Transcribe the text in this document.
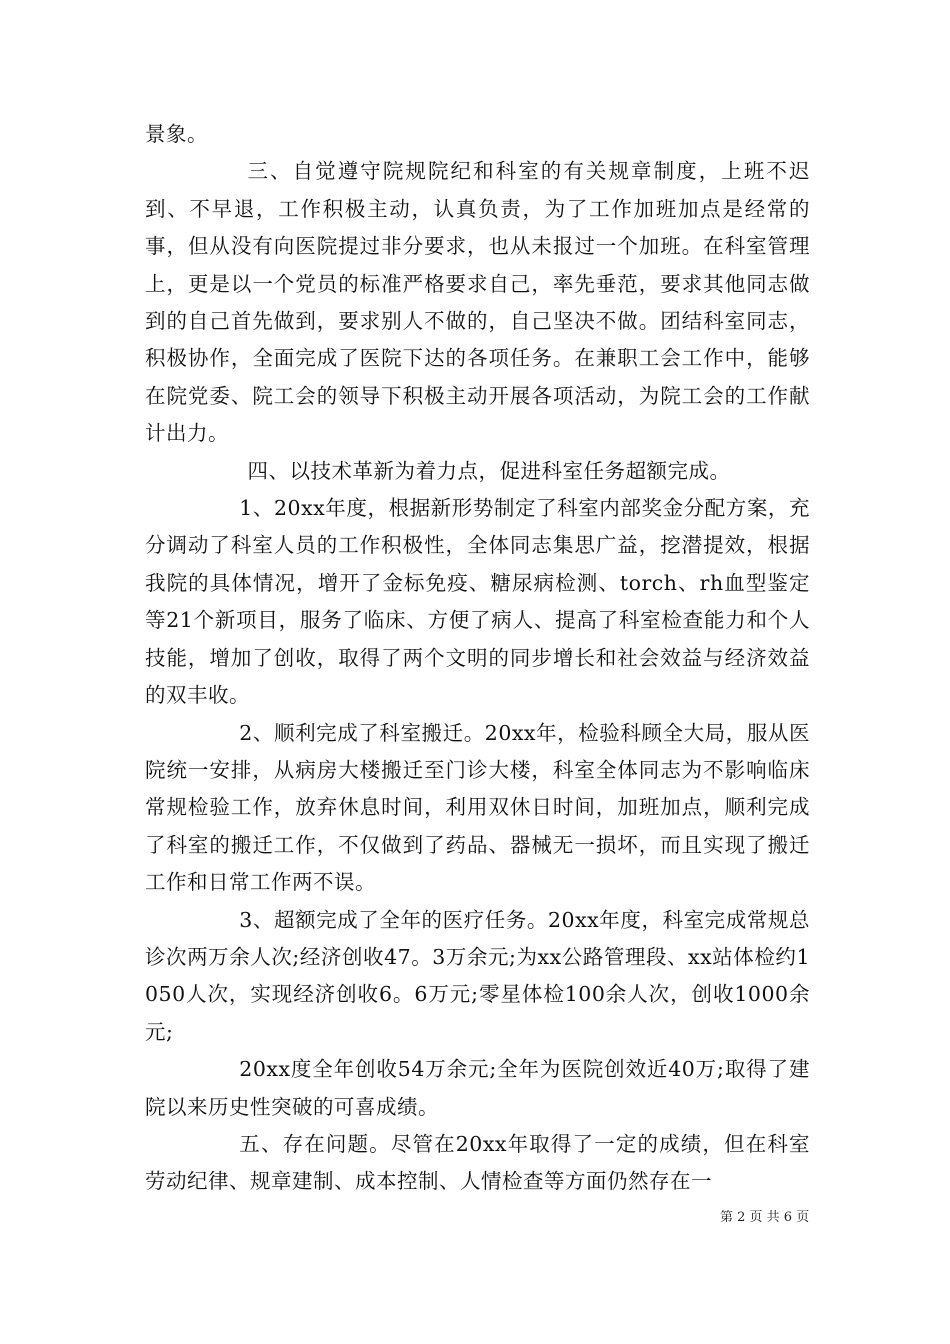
景象。

三、自觉遵守院规院纪和科室的有关规章制度，上班不迟到、不早退，工作积极主动，认真负责，为了工作加班加点是经常的事，但从没有向医院提过非分要求，也从未报过一个加班。在科室管理上，更是以一个党员的标准严格要求自己，率先垂范，要求其他同志做到的自己首先做到，要求别人不做的，自己坚决不做。团结科室同志，积极协作，全面完成了医院下达的各项任务。在兼职工会工作中，能够在院党委、院工会的领导下积极主动开展各项活动，为院工会的工作献计出力。

四、以技术革新为着力点，促进科室任务超额完成。

1、20xx年度，根据新形势制定了科室内部奖金分配方案，充分调动了科室人员的工作积极性，全体同志集思广益，挖潜提效，根据我院的具体情况，增开了金标免疫、糖尿病检测、torch、rh血型鉴定等21个新项目，服务了临床、方便了病人、提高了科室检查能力和个人技能，增加了创收，取得了两个文明的同步增长和社会效益与经济效益的双丰收。

2、顺利完成了科室搬迁。20xx年，检验科顾全大局，服从医院统一安排，从病房大楼搬迁至门诊大楼，科室全体同志为不影响临床常规检验工作，放弃休息时间，利用双休日时间，加班加点，顺利完成了科室的搬迁工作，不仅做到了药品、器械无一损坏，而且实现了搬迁工作和日常工作两不误。

3、超额完成了全年的医疗任务。20xx年度，科室完成常规总诊次两万余人次;经济创收47。3万余元;为xx公路管理段、xx站体检约1050人次，实现经济创收6。6万元;零星体检100余人次，创收1000余元;

20xx度全年创收54万余元;全年为医院创效近40万;取得了建院以来历史性突破的可喜成绩。

五、存在问题。尽管在20xx年取得了一定的成绩，但在科室劳动纪律、规章建制、成本控制、人情检查等方面仍然存在一

第 2 页 共 6 页
